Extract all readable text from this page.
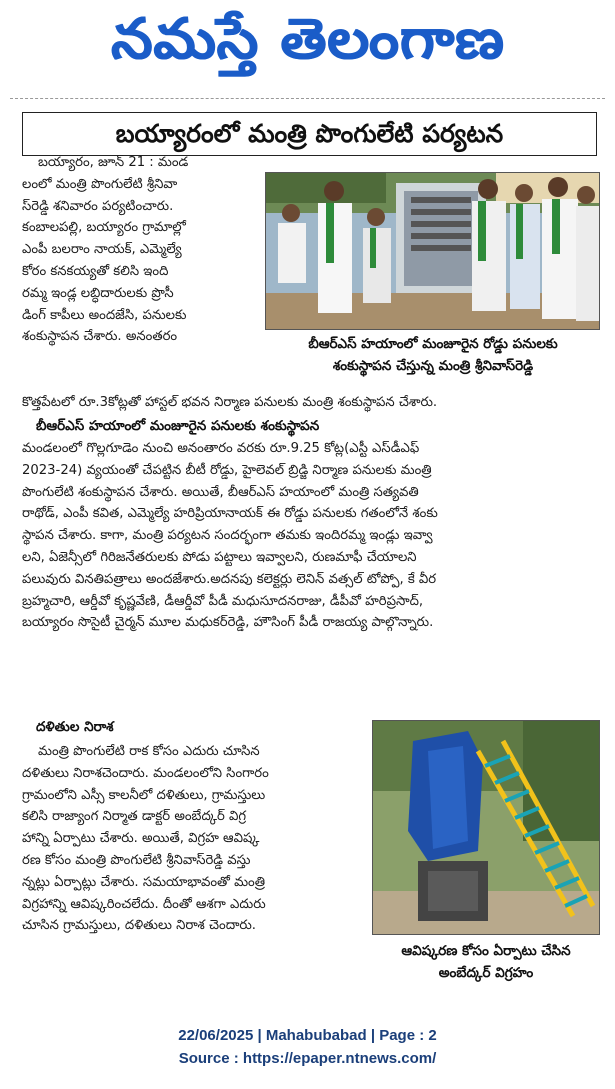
నమస్తే తెలంగాణ
బయ్యారంలో మంత్రి పొంగులేటి పర్యటన
బయ్యారం, జూన్ 21 : మండ
లంలో మంత్రి పొంగులేటి శ్రీనివా
స్‌రెడ్డి శనివారం పర్యటించారు.
కంబాలపల్లి, బయ్యారం గ్రామాల్లో
ఎంపీ బలరాం నాయక్, ఎమ్మెల్యే
కోరం కనకయ్యతో కలిసి ఇంది
రమ్మ ఇండ్ల లబ్ధిదారులకు ప్రొసీ
డింగ్ కాపీలు అందజేసి, పనులకు
శంకుస్థాపన చేశారు. అనంతరం	బీఆర్ఎస్ హయాంలో మంజూరైన రోడ్డు పనులకు
శంకుస్థాపన చేస్తున్న మంత్రి శ్రీనివాస్‌రెడ్డి
కొత్తపేటలో రూ.3కోట్లతో హాస్టల్ భవన నిర్మాణ పనులకు మంత్రి శంకుస్థాపన చేశారు.
బీఆర్ఎస్ హయాంలో మంజూరైన పనులకు శంకుస్థాపన
మండలంలో గొల్లగూడెం నుంచి అనంతారం వరకు రూ.9.25 కోట్ల(ఎస్టీ ఎస్‌డీఎఫ్
2023-24) వ్యయంతో చేపట్టిన బీటీ రోడ్డు, హైలెవల్ బ్రిడ్జి నిర్మాణ పనులకు మంత్రి
పొంగులేటి శంకుస్థాపన చేశారు. అయితే, బీఆర్ఎస్ హయాంలో మంత్రి సత్యవతి
రాథోడ్, ఎంపీ కవిత, ఎమ్మెల్యే హరిప్రియానాయక్ ఈ రోడ్డు పనులకు గతంలోనే శంకు
స్థాపన చేశారు. కాగా, మంత్రి పర్యటన సందర్భంగా తమకు ఇందిరమ్మ ఇండ్లు ఇవ్వా
లని, ఏజెన్సీలో గిరిజనేతరులకు పోడు పట్టాలు ఇవ్వాలని, రుణమాఫీ చేయాలని
పలువురు వినతిపత్రాలు అందజేశారు.అదనపు కలెక్టర్లు లెనిన్ వత్సల్ టోప్పో, కే వీర
బ్రహ్మచారి, ఆర్డీవో కృష్ణవేణి, డీఆర్డీవో పీడీ మధుసూదనరాజు, డీపీవో హరిప్రసాద్,
బయ్యారం సొసైటీ చైర్మన్ మూల మధుకర్‌రెడ్డి, హౌసింగ్ పీడీ రాజయ్య పాల్గొన్నారు.
దళితుల నిరాశ
మంత్రి పొంగులేటి రాక కోసం ఎదురు చూసిన
దళితులు నిరాశచెందారు. మండలంలోని సింగారం
గ్రామంలోని ఎస్సీ కాలనీలో దళితులు, గ్రామస్తులు
కలిసి రాజ్యాంగ నిర్మాత డాక్టర్ అంబేద్కర్ విగ్ర
హాన్ని ఏర్పాటు చేశారు. అయితే, విగ్రహ ఆవిష్క
రణ కోసం మంత్రి పొంగులేటి శ్రీనివాస్‌రెడ్డి వస్తు
న్నట్లు ఏర్పాట్లు చేశారు. సమయాభావంతో మంత్రి
విగ్రహాన్ని ఆవిష్కరించలేదు. దీంతో ఆశగా ఎదురు
చూసిన గ్రామస్తులు, దళితులు నిరాశ చెందారు.
ఆవిష్కరణ కోసం ఏర్పాటు చేసిన
అంబేద్కర్ విగ్రహం
22/06/2025 | Mahabubabad | Page : 2
Source : https://epaper.ntnews.com/
